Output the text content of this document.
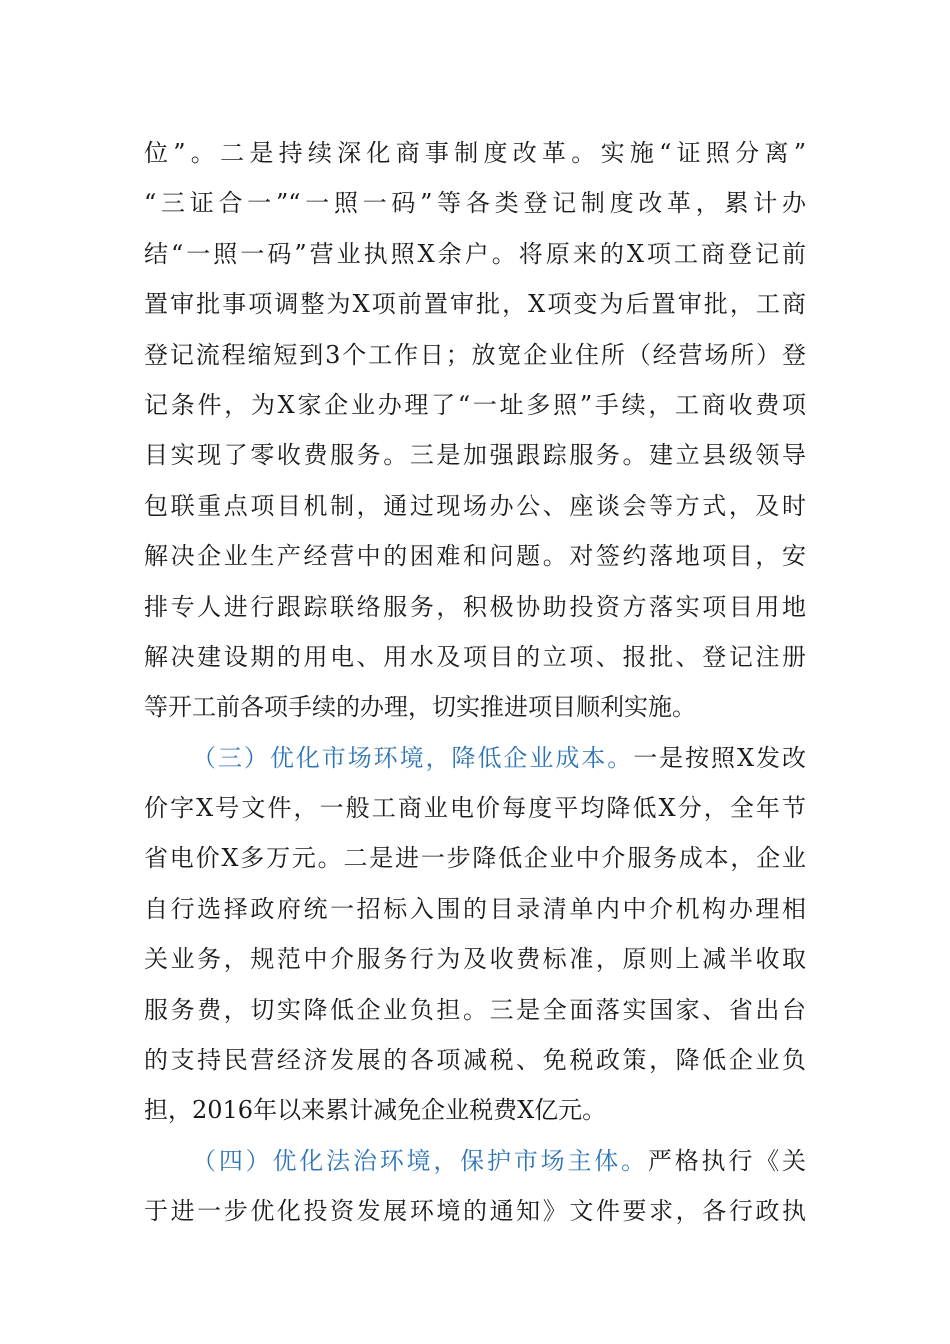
位”。二是持续深化商事制度改革。实施“证照分离”
“三证合一”“一照一码”等各类登记制度改革，累计办
结“一照一码”营业执照X余户。将原来的X项工商登记前
置审批事项调整为X项前置审批，X项变为后置审批，工商
登记流程缩短到3个工作日；放宽企业住所（经营场所）登
记条件，为X家企业办理了“一址多照”手续，工商收费项
目实现了零收费服务。三是加强跟踪服务。建立县级领导
包联重点项目机制，通过现场办公、座谈会等方式，及时
解决企业生产经营中的困难和问题。对签约落地项目，安
排专人进行跟踪联络服务，积极协助投资方落实项目用地
解决建设期的用电、用水及项目的立项、报批、登记注册
等开工前各项手续的办理，切实推进项目顺利实施。
（三）优化市场环境，降低企业成本。一是按照X发改
价字X号文件，一般工商业电价每度平均降低X分，全年节
省电价X多万元。二是进一步降低企业中介服务成本，企业
自行选择政府统一招标入围的目录清单内中介机构办理相
关业务，规范中介服务行为及收费标准，原则上减半收取
服务费，切实降低企业负担。三是全面落实国家、省出台
的支持民营经济发展的各项减税、免税政策，降低企业负
担，2016年以来累计减免企业税费X亿元。
（四）优化法治环境，保护市场主体。严格执行《关
于进一步优化投资发展环境的通知》文件要求，各行政执
